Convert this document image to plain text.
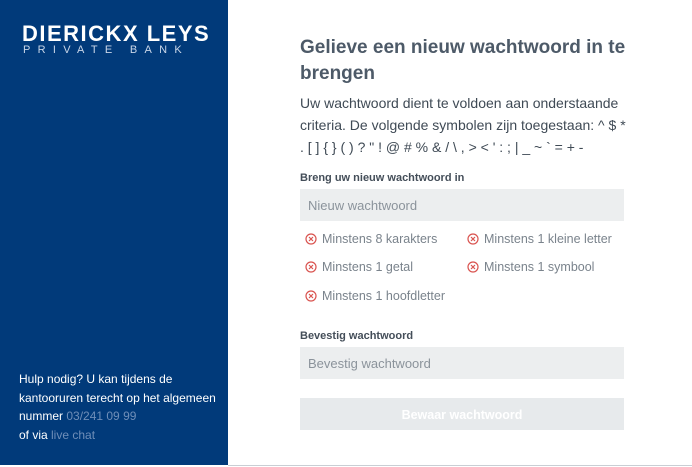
DIERICKX LEYS
PRIVATE BANK
Hulp nodig? U kan tijdens de kantooruren terecht op het algemeen nummer 03/241 09 99
of via live chat
Gelieve een nieuw wachtwoord in te brengen
Uw wachtwoord dient te voldoen aan onderstaande criteria. De volgende symbolen zijn toegestaan: ^ $ * . [ ] { } ( ) ? " ! @ # % & / \ , > < ' : ; | _ ~ ` = + -
Breng uw nieuw wachtwoord in
Minstens 8 karakters	Minstens 1 kleine letter
Minstens 1 getal	Minstens 1 symbool
Minstens 1 hoofdletter
Bevestig wachtwoord
Bewaar wachtwoord
